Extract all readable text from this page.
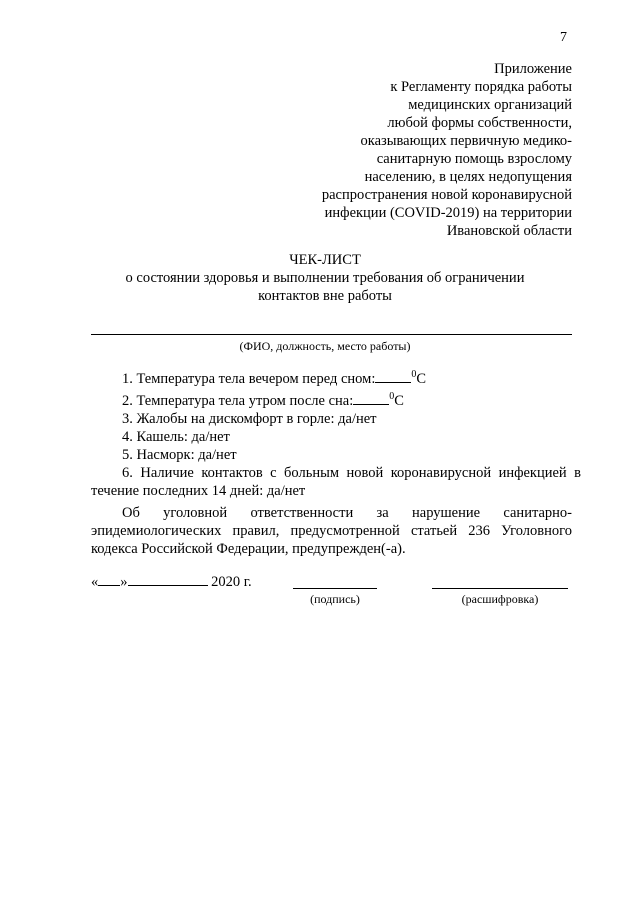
7
Приложение
к Регламенту порядка работы
медицинских организаций
любой формы собственности,
оказывающих первичную медико-
санитарную помощь взрослому
населению, в целях недопущения
распространения новой коронавирусной
инфекции (COVID-2019) на территории
Ивановской области
ЧЕК-ЛИСТ
о состоянии здоровья и выполнении требования об ограничении
контактов вне работы
(ФИО, должность, место работы)
1. Температура тела вечером перед сном:	$^0$С
2. Температура тела утром после сна:	$^0$С
3. Жалобы на дискомфорт в горле: да/нет
4. Кашель: да/нет
5. Насморк: да/нет
6. Наличие контактов с больным новой коронавирусной инфекцией в течение последних 14 дней: да/нет
Об уголовной ответственности за нарушение санитарно-эпидемиологических правил, предусмотренной статьей 236 Уголовного кодекса Российской Федерации, предупрежден(-а).
« »	2020 г.
(подпись)	(расшифровка)
